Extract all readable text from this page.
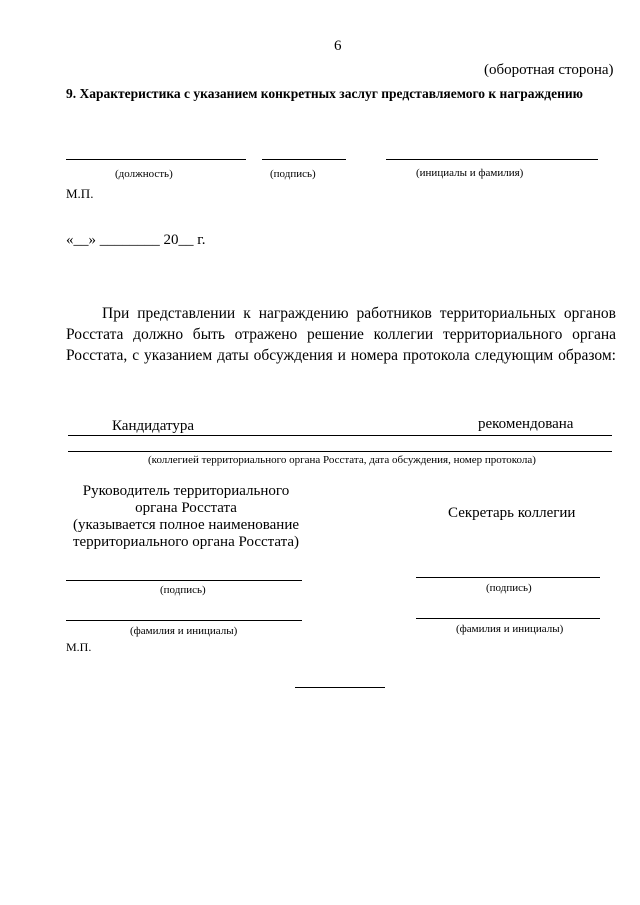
6
(оборотная сторона)
9. Характеристика с указанием конкретных заслуг представляемого к награждению
(должность)	(подпись)	(инициалы и фамилия)
М.П.
«__» ________ 20__ г.
При представлении к награждению работников территориальных органов Росстата должно быть отражено решение коллегии территориального органа Росстата, с указанием даты обсуждения и номера протокола следующим образом:
Кандидатура	рекомендована
(коллегией территориального органа Росстата, дата обсуждения, номер протокола)
Руководитель территориального
органа Росстата
(указывается полное наименование
территориального органа Росстата)
Секретарь коллегии
(подпись)	(подпись)
(фамилия и инициалы)	(фамилия и инициалы)
М.П.
